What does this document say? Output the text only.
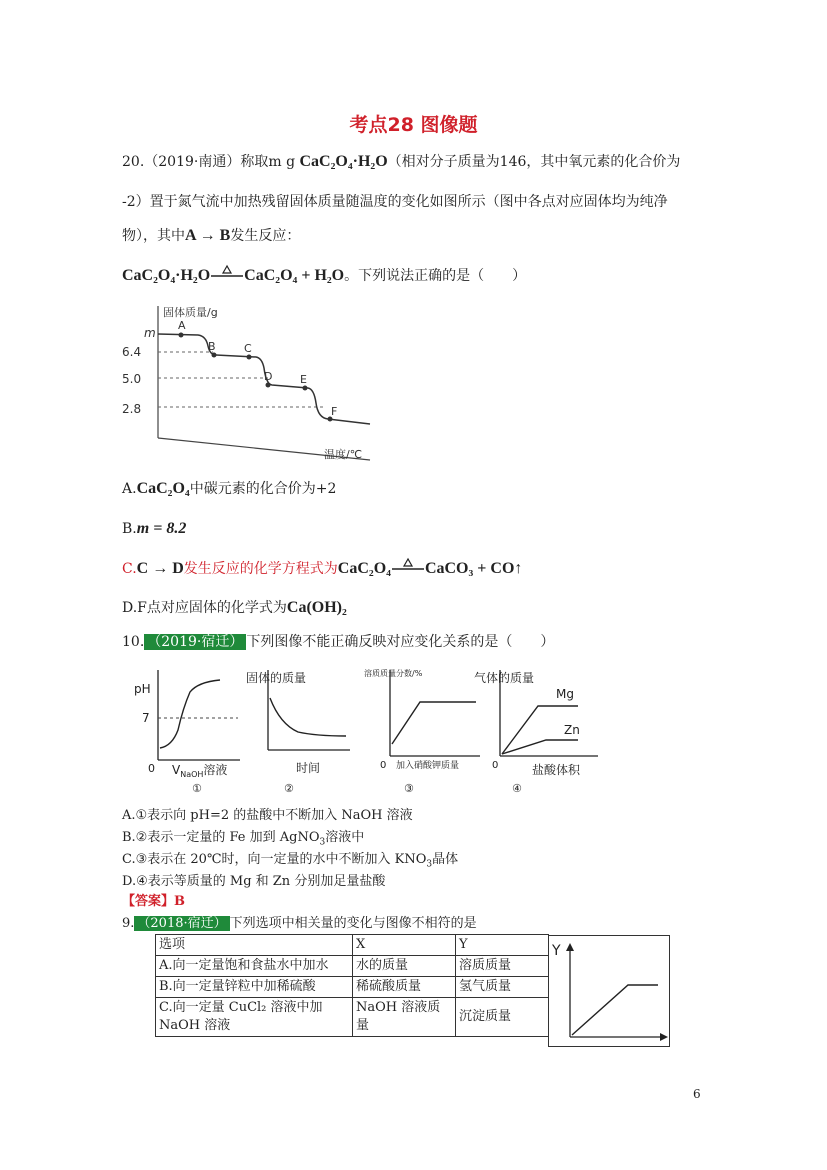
考点28 图像题
20.（2019·南通）称取m g CaC₂O₄·H₂O（相对分子质量为146，其中氧元素的化合价为
-2）置于氮气流中加热残留固体质量随温度的变化如图所示（图中各点对应固体均为纯净
物），其中A → B发生反应：
CaC₂O₄·H₂O CaC₂O₄ + H₂O。下列说法正确的是（　　）
固体质量/g
温度/℃
m
6.4
5.0
2.8
A
B	C
D	E
F
A.CaC₂O₄中碳元素的化合价为+2
B.m = 8.2
C.C → D发生反应的化学方程式为CaC₂O₄ CaCO₃ + CO↑
D.F点对应固体的化学式为Ca(OH)₂
10. （2019·宿迁） 下列图像不能正确反映对应变化关系的是（　　）
pH
7
0 $V_{NaOH}$溶液
①
固体的质量
时间
②
溶质质量分数/%
0 加入硝酸钾质量
③
气体的质量
Mg
Zn
0	盐酸体积
④
A.①表示向 pH=2 的盐酸中不断加入 NaOH 溶液
B.②表示一定量的 Fe 加到 AgNO$_3$溶液中
C.③表示在 20℃时，向一定量的水中不断加入 $KNO_3$晶体
D.④表示等质量的 Mg 和 Zn 分别加足量盐酸
【答案】B
9. （2018·宿迁） 下列选项中相关量的变化与图像不相符的是
选项	X	Y
A.向一定量饱和食盐水中加水	水的质量	溶质质量
B.向一定量锌粒中加稀硫酸	稀硫酸质量	氢气质量
C.向一定量 CuCl₂ 溶液中加 NaOH 溶液	NaOH 溶液质量	沉淀质量
Y
6
